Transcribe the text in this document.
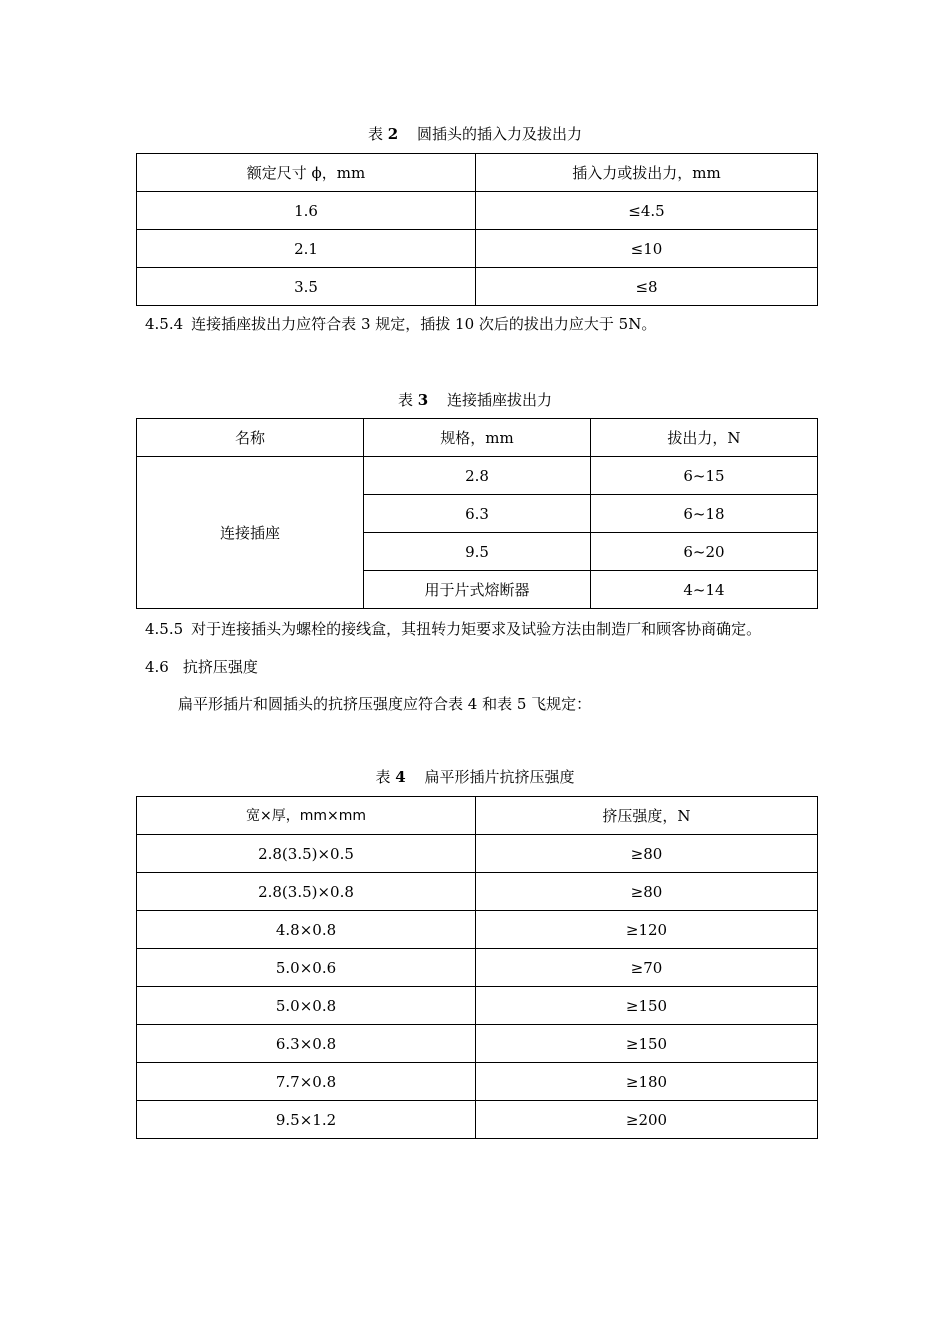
表 2 圆插头的插入力及拔出力
额定尺寸 ϕ，mm	插入力或拔出力，mm
1.6	≤4.5
2.1	≤10
3.5	≤8
4.5.4 连接插座拔出力应符合表 3 规定，插拔 10 次后的拔出力应大于 5N。
表 3 连接插座拔出力
名称	规格，mm	拔出力，N
连接插座	2.8	6~15
	6.3	6~18
	9.5	6~20
	用于片式熔断器	4~14
4.5.5 对于连接插头为螺栓的接线盒，其扭转力矩要求及试验方法由制造厂和顾客协商确定。
4.6 抗挤压强度
扁平形插片和圆插头的抗挤压强度应符合表 4 和表 5 飞规定：
表 4 扁平形插片抗挤压强度
宽×厚，mm×mm	挤压强度，N
2.8(3.5)×0.5	≥80
2.8(3.5)×0.8	≥80
4.8×0.8	≥120
5.0×0.6	≥70
5.0×0.8	≥150
6.3×0.8	≥150
7.7×0.8	≥180
9.5×1.2	≥200
